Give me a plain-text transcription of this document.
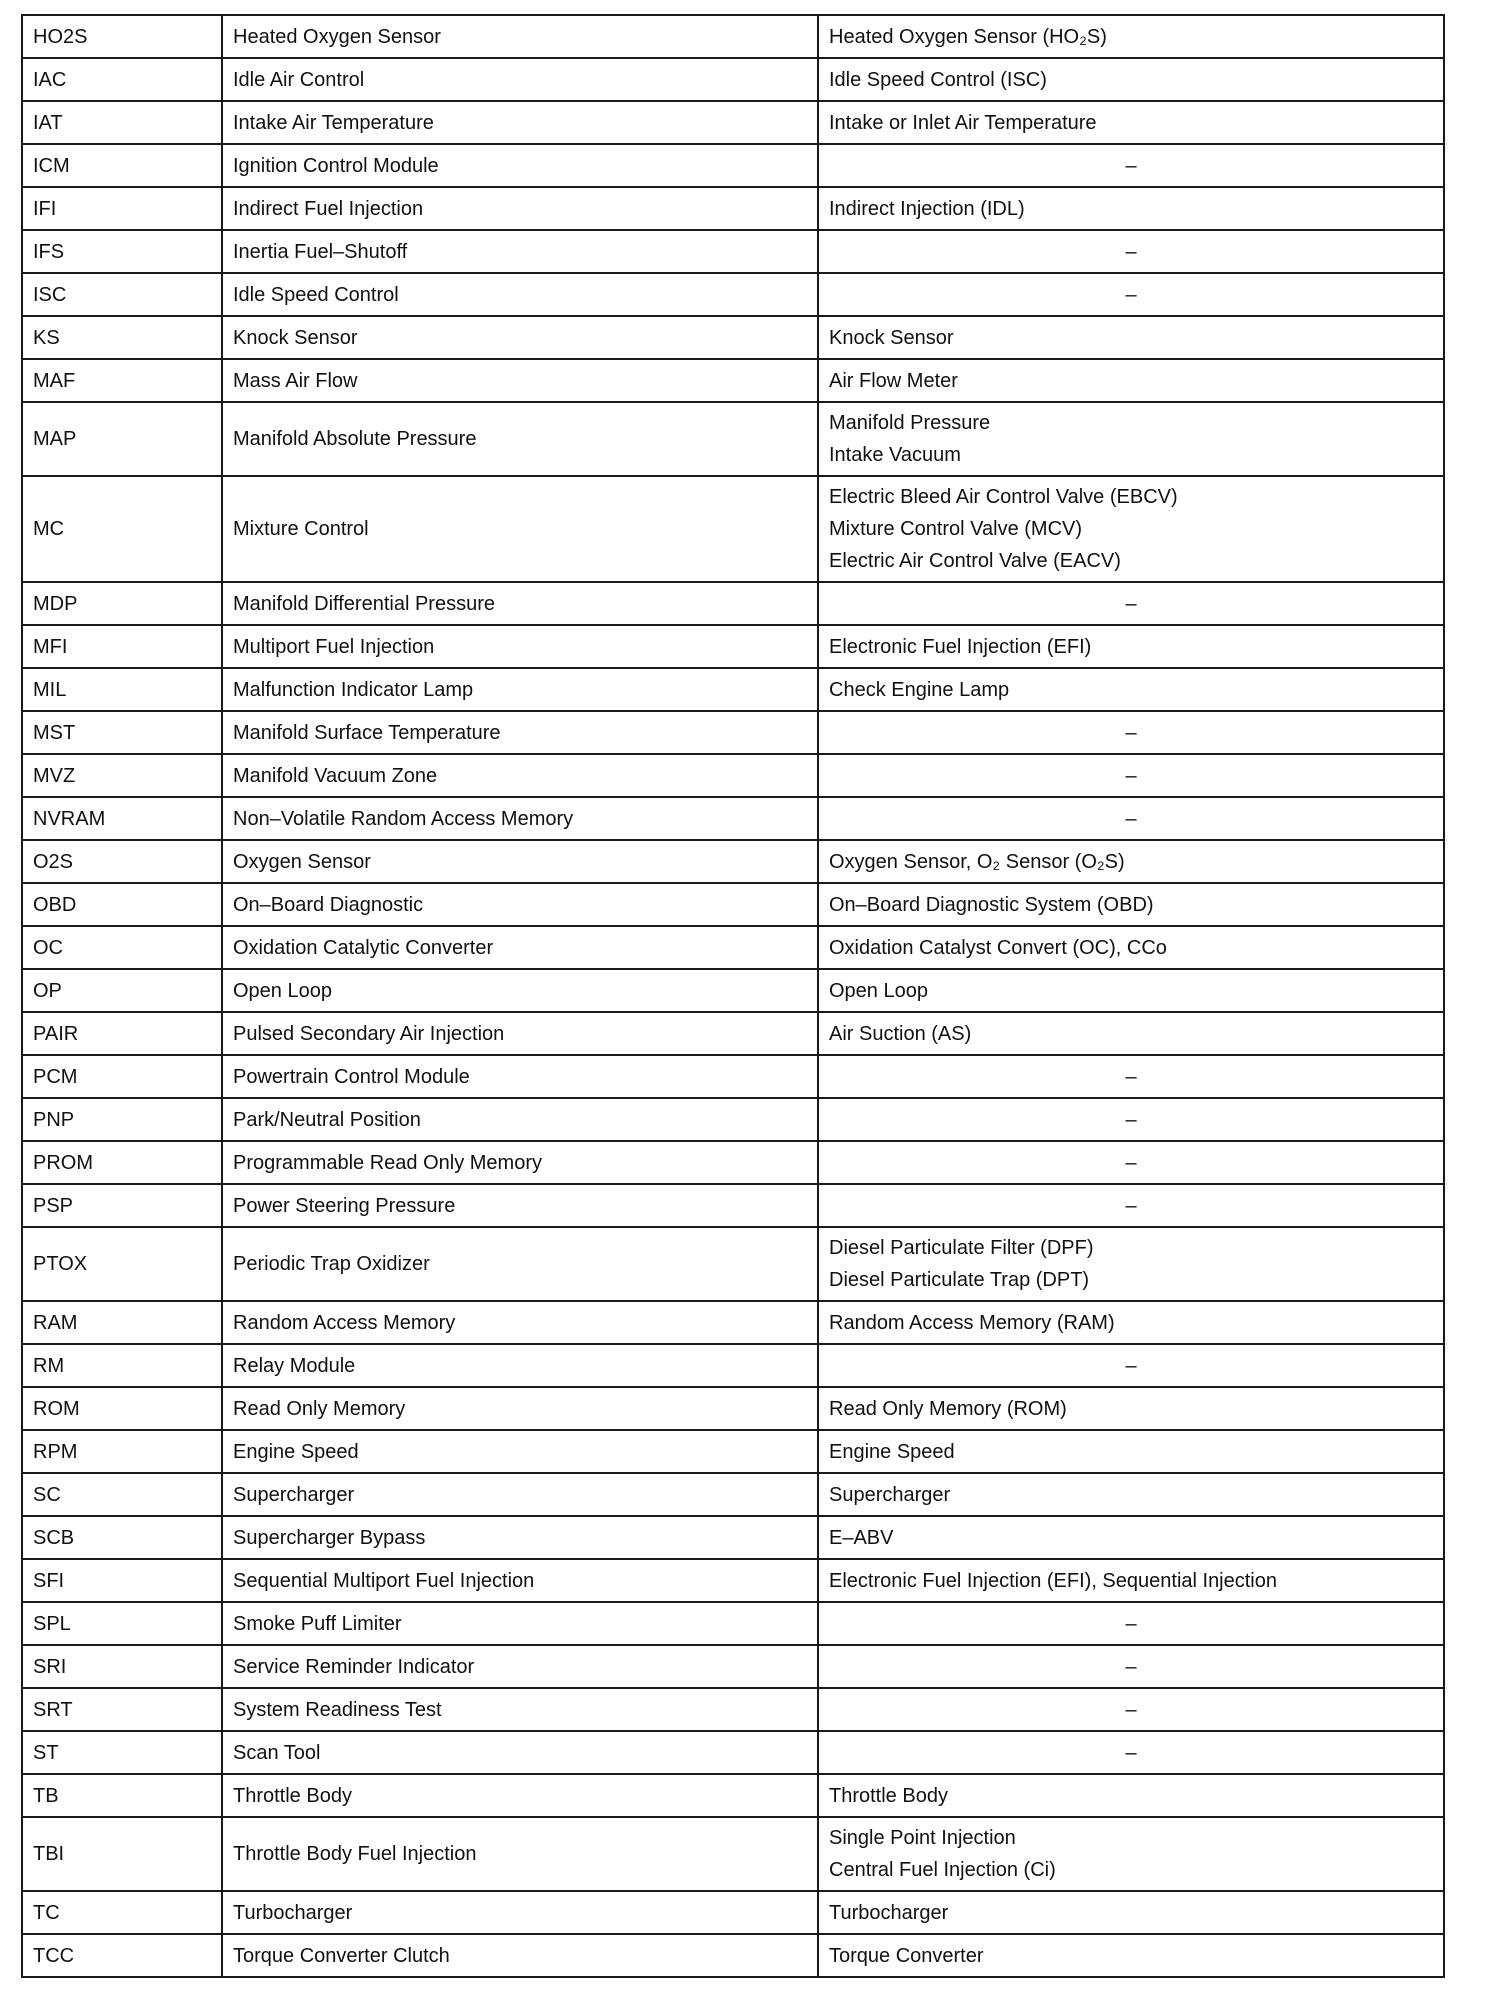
HO2S	Heated Oxygen Sensor	Heated Oxygen Sensor (HO₂S)

IAC	Idle Air Control	Idle Speed Control (ISC)

IAT	Intake Air Temperature	Intake or Inlet Air Temperature

ICM	Ignition Control Module	–

IFI	Indirect Fuel Injection	Indirect Injection (IDL)

IFS	Inertia Fuel–Shutoff	–

ISC	Idle Speed Control	–

KS	Knock Sensor	Knock Sensor

MAF	Mass Air Flow	Air Flow Meter

MAP	Manifold Absolute Pressure	Manifold Pressure
Intake Vacuum

MC	Mixture Control	Electric Bleed Air Control Valve (EBCV)
Mixture Control Valve (MCV)
Electric Air Control Valve (EACV)

MDP	Manifold Differential Pressure	–

MFI	Multiport Fuel Injection	Electronic Fuel Injection (EFI)

MIL	Malfunction Indicator Lamp	Check Engine Lamp

MST	Manifold Surface Temperature	–

MVZ	Manifold Vacuum Zone	–

NVRAM	Non–Volatile Random Access Memory	–

O2S	Oxygen Sensor	Oxygen Sensor, O₂ Sensor (O₂S)

OBD	On–Board Diagnostic	On–Board Diagnostic System (OBD)

OC	Oxidation Catalytic Converter	Oxidation Catalyst Convert (OC), CCo

OP	Open Loop	Open Loop

PAIR	Pulsed Secondary Air Injection	Air Suction (AS)

PCM	Powertrain Control Module	–

PNP	Park/Neutral Position	–

PROM	Programmable Read Only Memory	–

PSP	Power Steering Pressure	–

PTOX	Periodic Trap Oxidizer	Diesel Particulate Filter (DPF)
Diesel Particulate Trap (DPT)

RAM	Random Access Memory	Random Access Memory (RAM)

RM	Relay Module	–

ROM	Read Only Memory	Read Only Memory (ROM)

RPM	Engine Speed	Engine Speed

SC	Supercharger	Supercharger

SCB	Supercharger Bypass	E–ABV

SFI	Sequential Multiport Fuel Injection	Electronic Fuel Injection (EFI), Sequential Injection

SPL	Smoke Puff Limiter	–

SRI	Service Reminder Indicator	–

SRT	System Readiness Test	–

ST	Scan Tool	–

TB	Throttle Body	Throttle Body

TBI	Throttle Body Fuel Injection	Single Point Injection
Central Fuel Injection (Ci)

TC	Turbocharger	Turbocharger

TCC	Torque Converter Clutch	Torque Converter
